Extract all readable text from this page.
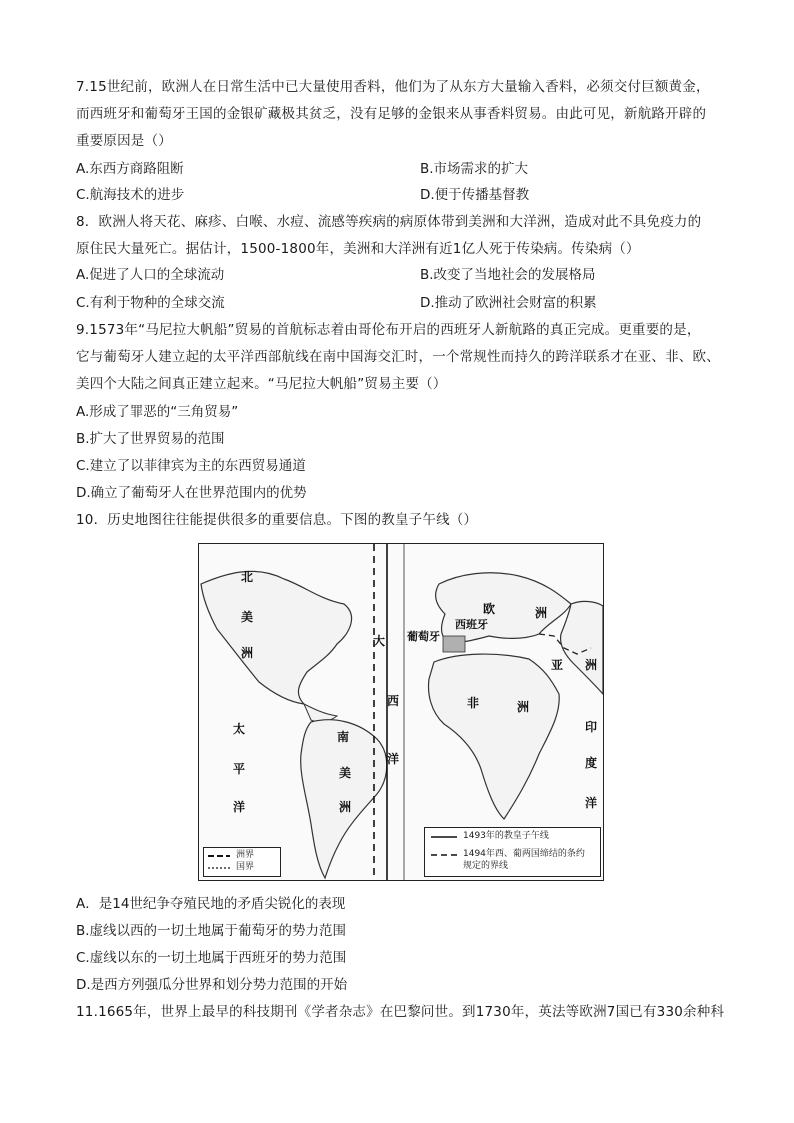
7.15世纪前，欧洲人在日常生活中已大量使用香料，他们为了从东方大量输入香料，必须交付巨额黄金，
而西班牙和葡萄牙王国的金银矿藏极其贫乏，没有足够的金银来从事香料贸易。由此可见，新航路开辟的
重要原因是（）
A.东西方商路阻断	B.市场需求的扩大
C.航海技术的进步	D.便于传播基督教
8．欧洲人将天花、麻疹、白喉、水痘、流感等疾病的病原体带到美洲和大洋洲，造成对此不具免疫力的
原住民大量死亡。据估计，1500-1800年，美洲和大洋洲有近1亿人死于传染病。传染病（）
A.促进了人口的全球流动	B.改变了当地社会的发展格局
C.有利于物种的全球交流	D.推动了欧洲社会财富的积累
9.1573年“马尼拉大帆船”贸易的首航标志着由哥伦布开启的西班牙人新航路的真正完成。更重要的是，
它与葡萄牙人建立起的太平洋西部航线在南中国海交汇时，一个常规性而持久的跨洋联系才在亚、非、欧、
美四个大陆之间真正建立起来。“马尼拉大帆船”贸易主要（）
A.形成了罪恶的“三角贸易”
B.扩大了世界贸易的范围
C.建立了以菲律宾为主的东西贸易通道
D.确立了葡萄牙人在世界范围内的优势
10．历史地图往往能提供很多的重要信息。下图的教皇子午线（）
北
美
洲
太
平
洋
南
美
洲
大
西
洋
欧	洲
葡萄牙
西班牙
非	洲
亚 洲
印
度
洋
洲界
国界
1493年的教皇子午线
1494年西、葡两国缔结的条约
规定的界线
A．是14世纪争夺殖民地的矛盾尖锐化的表现
B.虚线以西的一切土地属于葡萄牙的势力范围
C.虚线以东的一切土地属于西班牙的势力范围
D.是西方列强瓜分世界和划分势力范围的开始
11.1665年，世界上最早的科技期刊《学者杂志》在巴黎问世。到1730年，英法等欧洲7国已有330余种科
